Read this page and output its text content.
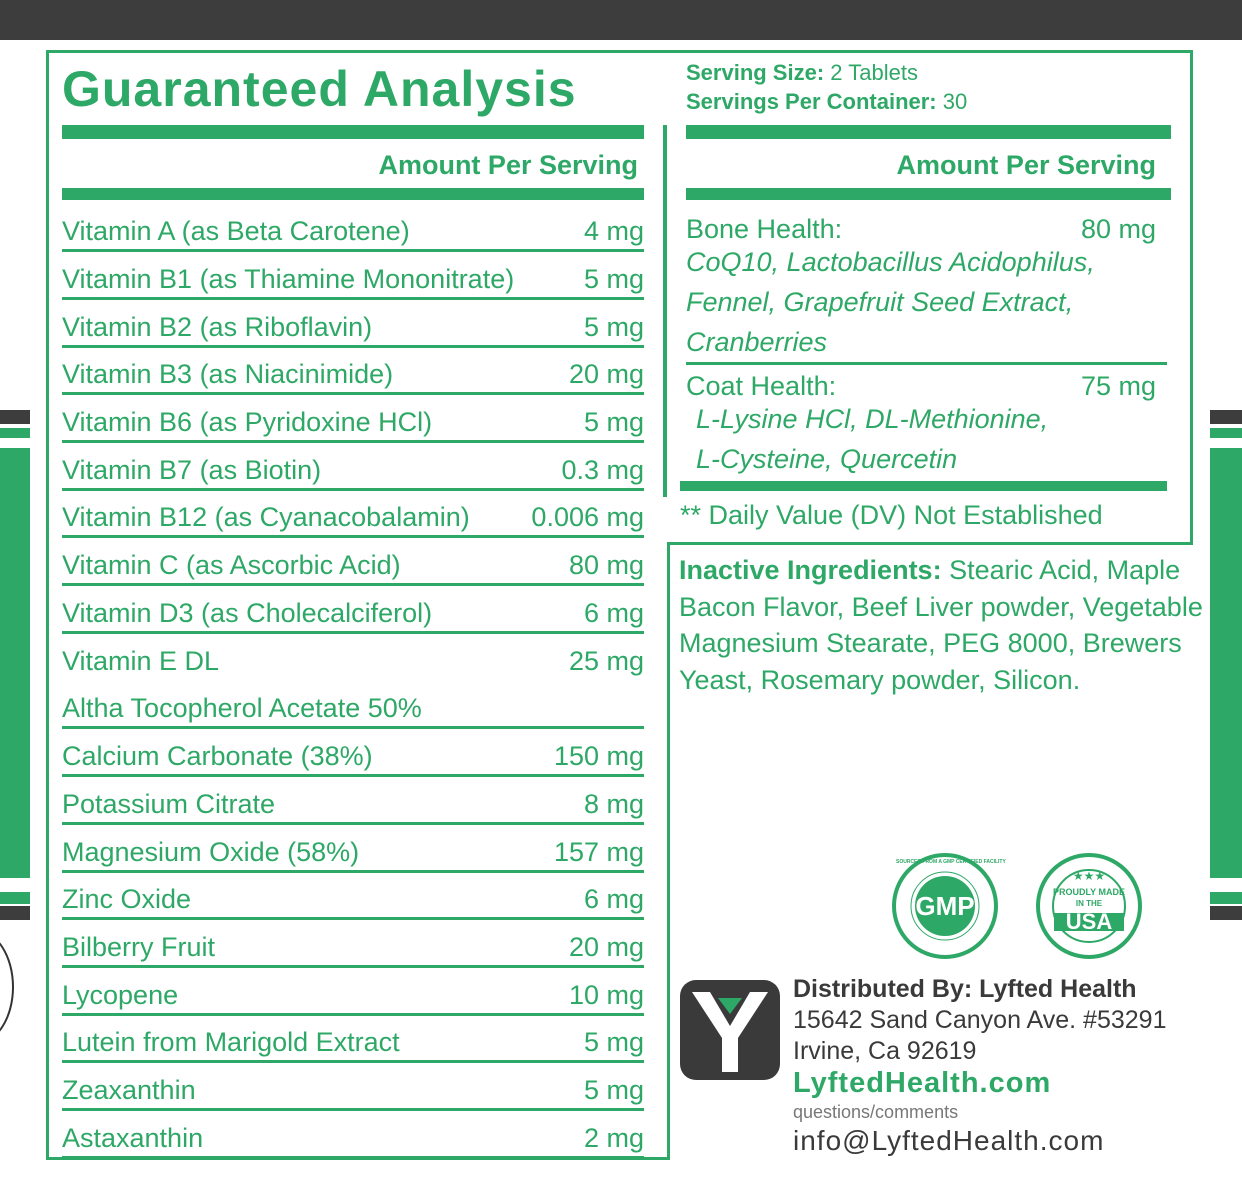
Guaranteed Analysis	Serving Size: 2 Tablets
Servings Per Container: 30
Amount Per Serving	Amount Per Serving
Vitamin A (as Beta Carotene)	4 mg
Vitamin B1 (as Thiamine Mononitrate)	5 mg
Vitamin B2 (as Riboflavin)	5 mg
Vitamin B3 (as Niacinimide)	20 mg
Vitamin B6 (as Pyridoxine HCl)	5 mg
Vitamin B7 (as Biotin)	0.3 mg
Vitamin B12 (as Cyanacobalamin) 0.006 mg
Vitamin C (as Ascorbic Acid)	80 mg
Vitamin D3 (as Cholecalciferol)	6 mg
Vitamin E DL	25 mg
Altha Tocopherol Acetate 50%
Calcium Carbonate (38%)	150 mg
Potassium Citrate	8 mg
Magnesium Oxide (58%)	157 mg
Zinc Oxide	6 mg
Bilberry Fruit	20 mg
Lycopene	10 mg
Lutein from Marigold Extract	5 mg
Zeaxanthin	5 mg
Astaxanthin	2 mg
Bone Health:	80 mg
CoQ10, Lactobacillus Acidophilus,
Fennel, Grapefruit Seed Extract,
Cranberries
Coat Health:	75 mg
L-Lysine HCl, DL-Methionine,
L-Cysteine, Quercetin
** Daily Value (DV) Not Established
Inactive Ingredients: Stearic Acid, Maple Bacon Flavor, Beef Liver powder, Vegetable Magnesium Stearate, PEG 8000, Brewers Yeast, Rosemary powder, Silicon.
GMP
SOURCED FROM A GMP CERTIFIED FACILITY
★★★
PROUDLY MADE
IN THE
USA
Distributed By: Lyfted Health
15642 Sand Canyon Ave. #53291
Irvine, Ca 92619
LyftedHealth.com
questions/comments
info@LyftedHealth.com
